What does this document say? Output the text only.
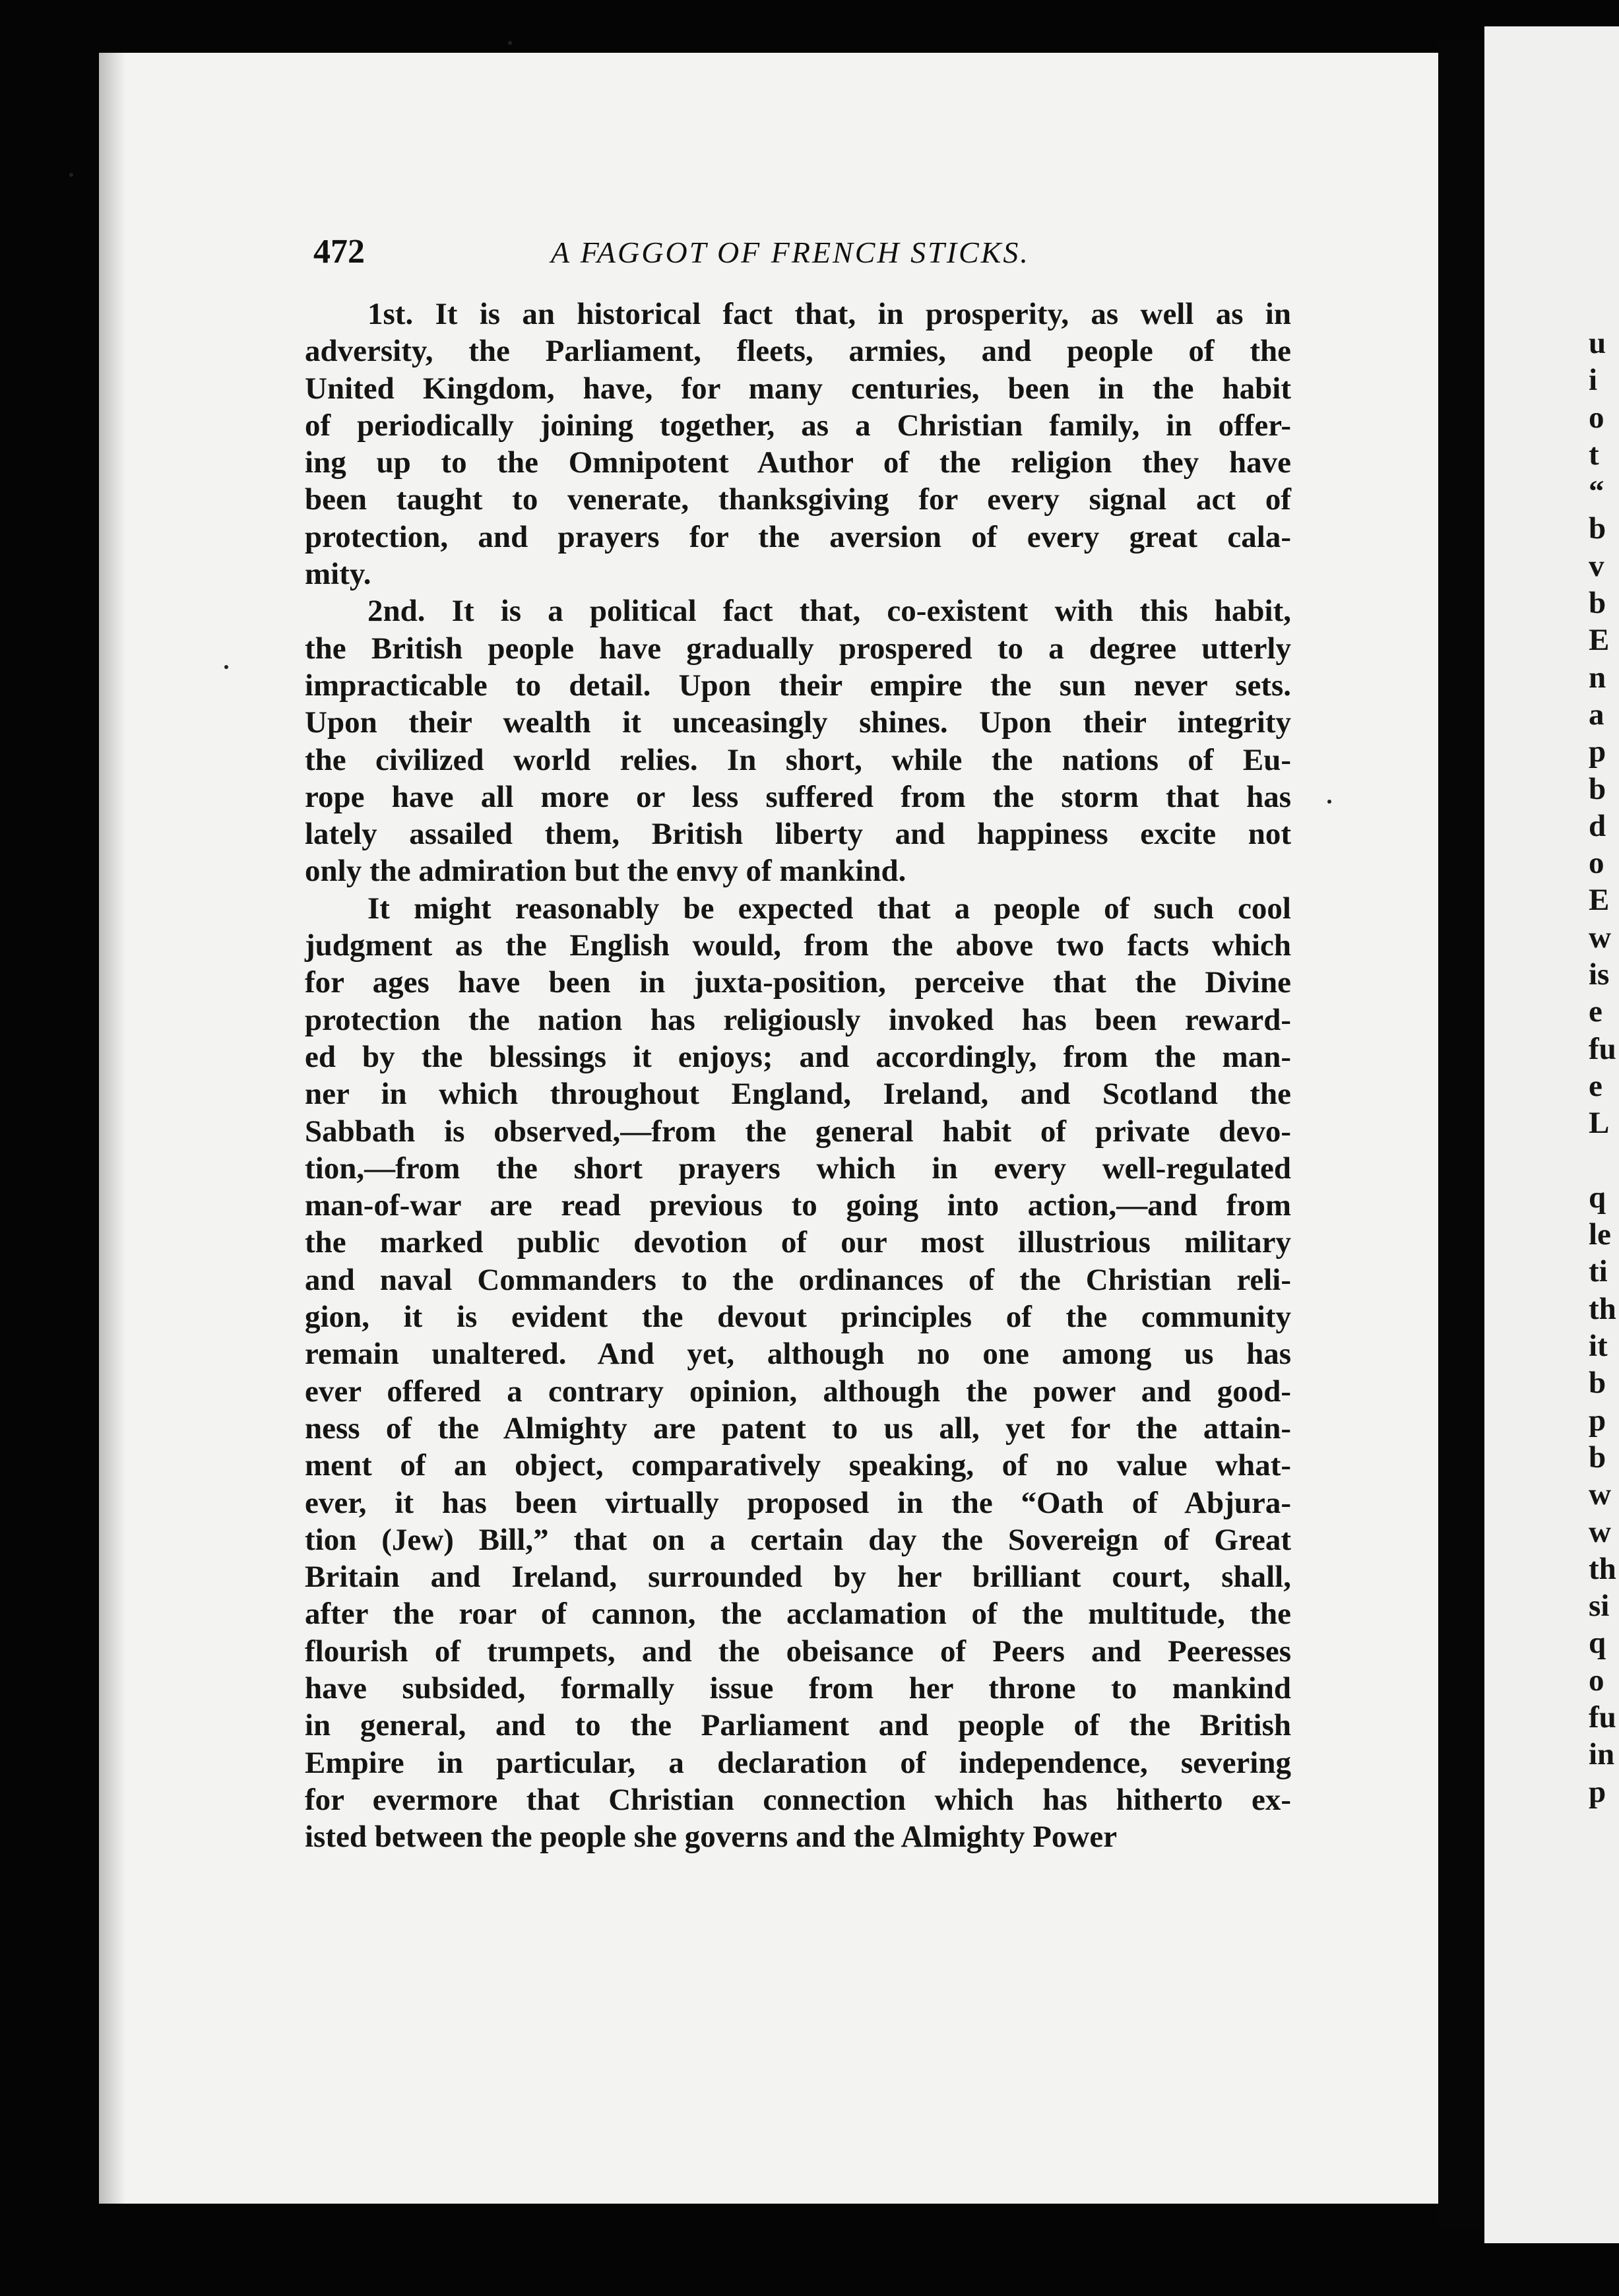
472	A FAGGOT OF FRENCH STICKS.
1st. It is an historical fact that, in prosperity, as well as in
adversity, the Parliament, fleets, armies, and people of the
United Kingdom, have, for many centuries, been in the habit
of periodically joining together, as a Christian family, in offer-
ing up to the Omnipotent Author of the religion they have
been taught to venerate, thanksgiving for every signal act of
protection, and prayers for the aversion of every great cala-
mity.
2nd. It is a political fact that, co-existent with this habit,
the British people have gradually prospered to a degree utterly
impracticable to detail. Upon their empire the sun never sets.
Upon their wealth it unceasingly shines. Upon their integrity
the civilized world relies. In short, while the nations of Eu-
rope have all more or less suffered from the storm that has
lately assailed them, British liberty and happiness excite not
only the admiration but the envy of mankind.
It might reasonably be expected that a people of such cool
judgment as the English would, from the above two facts which
for ages have been in juxta-position, perceive that the Divine
protection the nation has religiously invoked has been reward-
ed by the blessings it enjoys; and accordingly, from the man-
ner in which throughout England, Ireland, and Scotland the
Sabbath is observed,—from the general habit of private devo-
tion,—from the short prayers which in every well-regulated
man-of-war are read previous to going into action,—and from
the marked public devotion of our most illustrious military
and naval Commanders to the ordinances of the Christian reli-
gion, it is evident the devout principles of the community
remain unaltered. And yet, although no one among us has
ever offered a contrary opinion, although the power and good-
ness of the Almighty are patent to us all, yet for the attain-
ment of an object, comparatively speaking, of no value what-
ever, it has been virtually proposed in the “Oath of Abjura-
tion (Jew) Bill,” that on a certain day the Sovereign of Great
Britain and Ireland, surrounded by her brilliant court, shall,
after the roar of cannon, the acclamation of the multitude, the
flourish of trumpets, and the obeisance of Peers and Peeresses
have subsided, formally issue from her throne to mankind
in general, and to the Parliament and people of the British
Empire in particular, a declaration of independence, severing
for evermore that Christian connection which has hitherto ex-
isted between the people she governs and the Almighty Power
u
i
o
t
“
b
v
b
E
n
a
p
b
d
o
E
w
is
e
fu
e
L
q
le
ti
th
it
b
p
b
w
w
th
si
q
o
fu
in
p
